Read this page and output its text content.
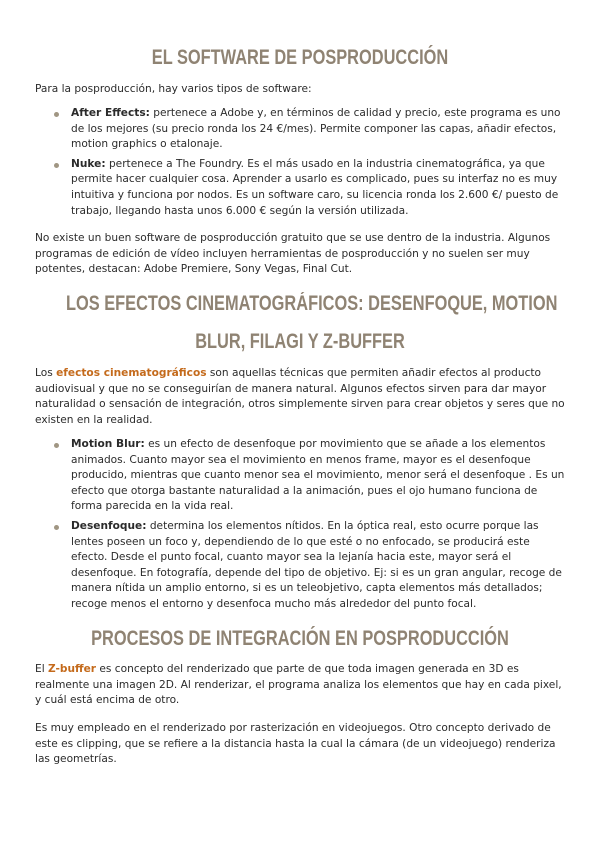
EL SOFTWARE DE POSPRODUCCIÓN

Para la posproducción, hay varios tipos de software:

After Effects: pertenece a Adobe y, en términos de calidad y precio, este programa es uno de los mejores (su precio ronda los 24 €/mes). Permite componer las capas, añadir efectos, motion graphics o etalonaje.
Nuke: pertenece a The Foundry. Es el más usado en la industria cinematográfica, ya que permite hacer cualquier cosa. Aprender a usarlo es complicado, pues su interfaz no es muy intuitiva y funciona por nodos. Es un software caro, su licencia ronda los 2.600 €/ puesto de trabajo, llegando hasta unos 6.000 € según la versión utilizada.

No existe un buen software de posproducción gratuito que se use dentro de la industria. Algunos programas de edición de vídeo incluyen herramientas de posproducción y no suelen ser muy potentes, destacan: Adobe Premiere, Sony Vegas, Final Cut.

LOS EFECTOS CINEMATOGRÁFICOS: DESENFOQUE, MOTION
BLUR, FILAGI Y Z-BUFFER

Los efectos cinematográficos son aquellas técnicas que permiten añadir efectos al producto audiovisual y que no se conseguirían de manera natural. Algunos efectos sirven para dar mayor naturalidad o sensación de integración, otros simplemente sirven para crear objetos y seres que no existen en la realidad.

Motion Blur: es un efecto de desenfoque por movimiento que se añade a los elementos animados. Cuanto mayor sea el movimiento en menos frame, mayor es el desenfoque producido, mientras que cuanto menor sea el movimiento, menor será el desenfoque . Es un efecto que otorga bastante naturalidad a la animación, pues el ojo humano funciona de forma parecida en la vida real.
Desenfoque: determina los elementos nítidos. En la óptica real, esto ocurre porque las lentes poseen un foco y, dependiendo de lo que esté o no enfocado, se producirá este efecto. Desde el punto focal, cuanto mayor sea la lejanía hacia este, mayor será el desenfoque. En fotografía, depende del tipo de objetivo. Ej: si es un gran angular, recoge de manera nítida un amplio entorno, si es un teleobjetivo, capta elementos más detallados; recoge menos el entorno y desenfoca mucho más alrededor del punto focal.
PROCESOS DE INTEGRACIÓN EN POSPRODUCCIÓN

El Z-buffer es concepto del renderizado que parte de que toda imagen generada en 3D es realmente una imagen 2D. Al renderizar, el programa analiza los elementos que hay en cada pixel, y cuál está encima de otro.

Es muy empleado en el renderizado por rasterización en videojuegos. Otro concepto derivado de este es clipping, que se refiere a la distancia hasta la cual la cámara (de un videojuego) renderiza las geometrías.
